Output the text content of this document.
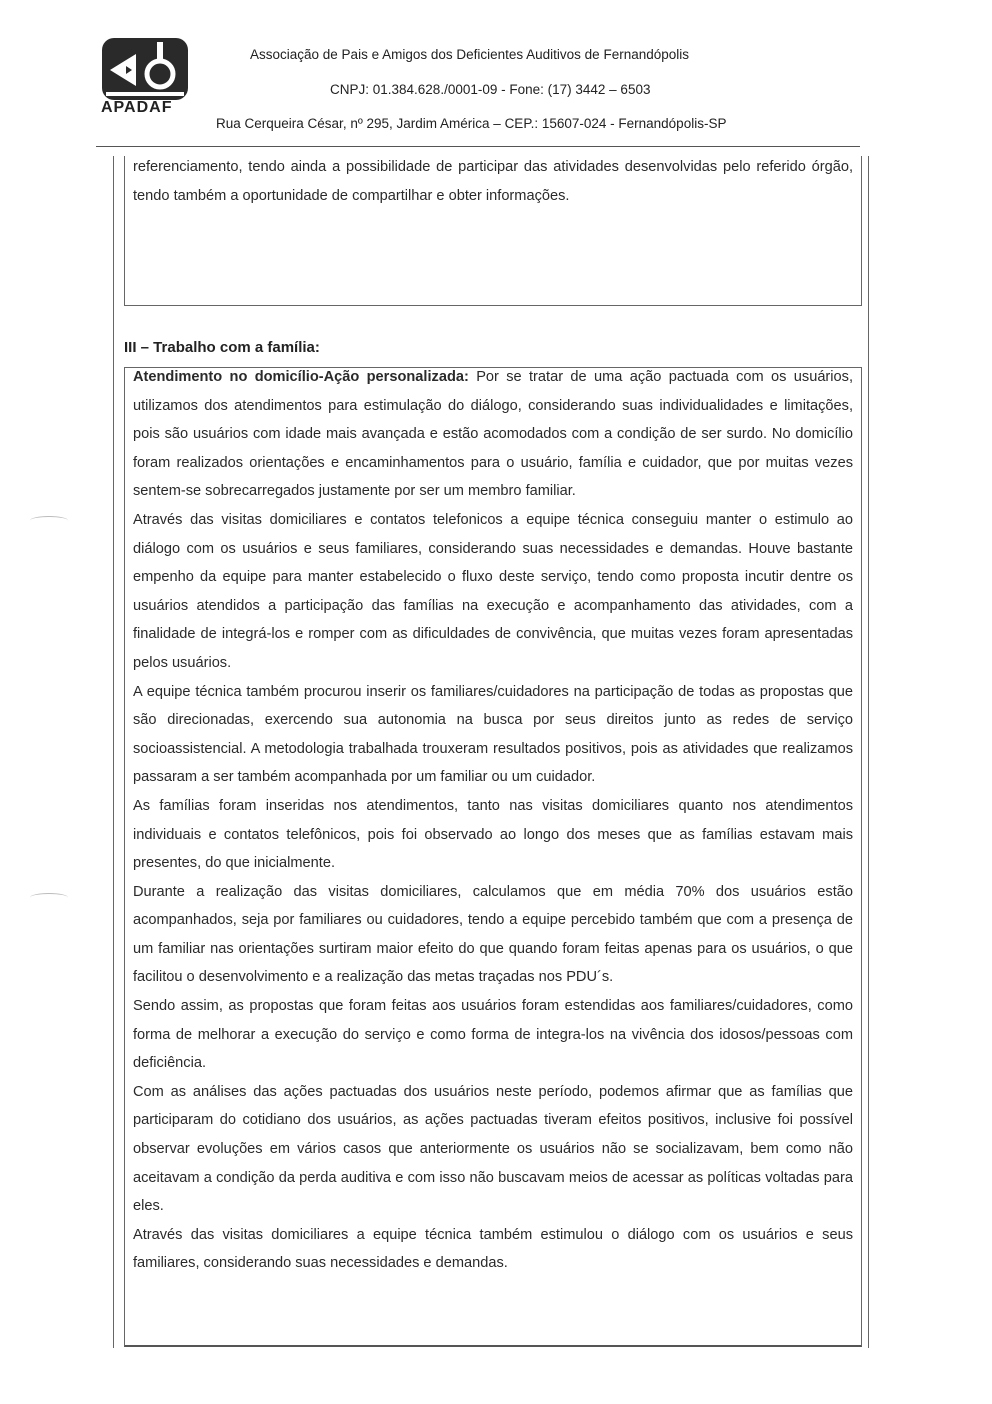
APADAF
Associação de Pais e Amigos dos Deficientes Auditivos de Fernandópolis
CNPJ: 01.384.628./0001-09 - Fone: (17) 3442 – 6503
Rua Cerqueira César, nº 295, Jardim América – CEP.: 15607-024 - Fernandópolis-SP

referenciamento, tendo ainda a possibilidade de participar das atividades desenvolvidas pelo referido órgão, tendo também a oportunidade de compartilhar e obter informações.

III – Trabalho com a família:

Atendimento no domicílio-Ação personalizada: Por se tratar de uma ação pactuada com os usuários, utilizamos dos atendimentos para estimulação do diálogo, considerando suas individualidades e limitações, pois são usuários com idade mais avançada e estão acomodados com a condição de ser surdo. No domicílio foram realizados orientações e encaminhamentos para o usuário, família e cuidador, que por muitas vezes sentem-se sobrecarregados justamente por ser um membro familiar.

Através das visitas domiciliares e contatos telefonicos a equipe técnica conseguiu manter o estimulo ao diálogo com os usuários e seus familiares, considerando suas necessidades e demandas. Houve bastante empenho da equipe para manter estabelecido o fluxo deste serviço, tendo como proposta incutir dentre os usuários atendidos a participação das famílias na execução e acompanhamento das atividades, com a finalidade de integrá-los e romper com as dificuldades de convivência, que muitas vezes foram apresentadas pelos usuários.

A equipe técnica também procurou inserir os familiares/cuidadores na participação de todas as propostas que são direcionadas, exercendo sua autonomia na busca por seus direitos junto as redes de serviço socioassistencial. A metodologia trabalhada trouxeram resultados positivos, pois as atividades que realizamos passaram a ser também acompanhada por um familiar ou um cuidador.

As famílias foram inseridas nos atendimentos, tanto nas visitas domiciliares quanto nos atendimentos individuais e contatos telefônicos, pois foi observado ao longo dos meses que as famílias estavam mais presentes, do que inicialmente.

Durante a realização das visitas domiciliares, calculamos que em média 70% dos usuários estão acompanhados, seja por familiares ou cuidadores, tendo a equipe percebido também que com a presença de um familiar nas orientações surtiram maior efeito do que quando foram feitas apenas para os usuários, o que facilitou o desenvolvimento e a realização das metas traçadas nos PDU´s.

Sendo assim, as propostas que foram feitas aos usuários foram estendidas aos familiares/cuidadores, como forma de melhorar a execução do serviço e como forma de integra-los na vivência dos idosos/pessoas com deficiência.

Com as análises das ações pactuadas dos usuários neste período, podemos afirmar que as famílias que participaram do cotidiano dos usuários, as ações pactuadas tiveram efeitos positivos, inclusive foi possível observar evoluções em vários casos que anteriormente os usuários não se socializavam, bem como não aceitavam a condição da perda auditiva e com isso não buscavam meios de acessar as políticas voltadas para eles.

Através das visitas domiciliares a equipe técnica também estimulou o diálogo com os usuários e seus familiares, considerando suas necessidades e demandas.
